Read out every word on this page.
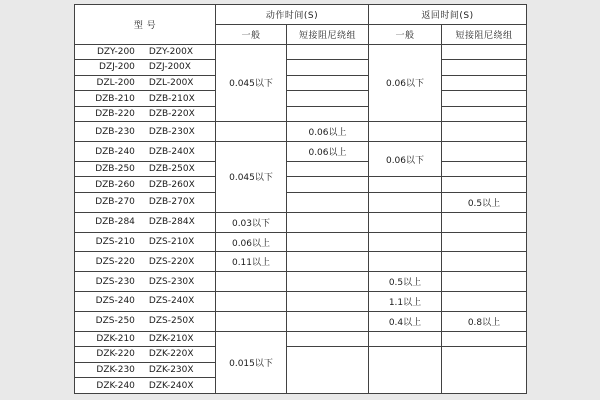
型 号	动作时间(S)		返回时间(S)	
	一般	短接阻尼绕组	一般	短接阻尼绕组

DZY-200 DZY-200X	0.045以下		0.06以下	

DZJ-200 DZJ-200X				

DZL-200 DZL-200X				

DZB-210 DZB-210X				

DZB-220 DZB-220X				

DZB-230 DZB-230X		0.06以上		

DZB-240 DZB-240X	0.045以下	0.06以上	0.06以下	

DZB-250 DZB-250X				

DZB-260 DZB-260X				

DZB-270 DZB-270X				0.5以上

DZB-284 DZB-284X	0.03以下			

DZS-210 DZS-210X	0.06以上			

DZS-220 DZS-220X	0.11以上			

DZS-230 DZS-230X			0.5以上	

DZS-240 DZS-240X			1.1以上	

DZS-250 DZS-250X			0.4以上	0.8以上

DZK-210 DZK-210X	0.015以下			

DZK-220 DZK-220X				

DZK-230 DZK-230X				

DZK-240 DZK-240X				
